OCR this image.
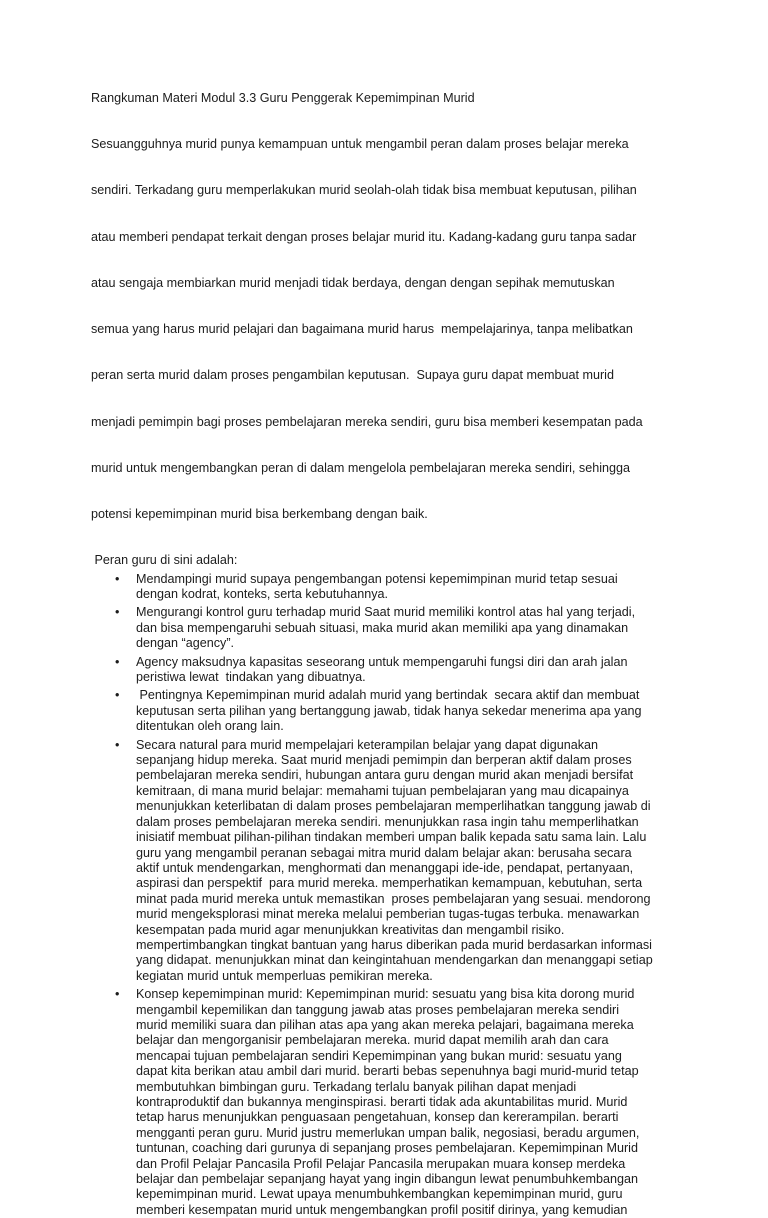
Rangkuman Materi Modul 3.3 Guru Penggerak Kepemimpinan Murid

Sesuangguhnya murid punya kemampuan untuk mengambil peran dalam proses belajar mereka

sendiri. Terkadang guru memperlakukan murid seolah-olah tidak bisa membuat keputusan, pilihan

atau memberi pendapat terkait dengan proses belajar murid itu. Kadang-kadang guru tanpa sadar

atau sengaja membiarkan murid menjadi tidak berdaya, dengan dengan sepihak memutuskan

semua yang harus murid pelajari dan bagaimana murid harus  mempelajarinya, tanpa melibatkan

peran serta murid dalam proses pengambilan keputusan.  Supaya guru dapat membuat murid

menjadi pemimpin bagi proses pembelajaran mereka sendiri, guru bisa memberi kesempatan pada

murid untuk mengembangkan peran di dalam mengelola pembelajaran mereka sendiri, sehingga

potensi kepemimpinan murid bisa berkembang dengan baik.

Peran guru di sini adalah:

• Mendampingi murid supaya pengembangan potensi kepemimpinan murid tetap sesuai
dengan kodrat, konteks, serta kebutuhannya.
• Mengurangi kontrol guru terhadap murid Saat murid memiliki kontrol atas hal yang terjadi,
dan bisa mempengaruhi sebuah situasi, maka murid akan memiliki apa yang dinamakan
dengan “agency”.
• Agency maksudnya kapasitas seseorang untuk mempengaruhi fungsi diri dan arah jalan
peristiwa lewat  tindakan yang dibuatnya.
•  Pentingnya Kepemimpinan murid adalah murid yang bertindak  secara aktif dan membuat
keputusan serta pilihan yang bertanggung jawab, tidak hanya sekedar menerima apa yang
ditentukan oleh orang lain.
• Secara natural para murid mempelajari keterampilan belajar yang dapat digunakan
sepanjang hidup mereka. Saat murid menjadi pemimpin dan berperan aktif dalam proses
pembelajaran mereka sendiri, hubungan antara guru dengan murid akan menjadi bersifat
kemitraan, di mana murid belajar: memahami tujuan pembelajaran yang mau dicapainya
menunjukkan keterlibatan di dalam proses pembelajaran memperlihatkan tanggung jawab di
dalam proses pembelajaran mereka sendiri. menunjukkan rasa ingin tahu memperlihatkan
inisiatif membuat pilihan-pilihan tindakan memberi umpan balik kepada satu sama lain. Lalu
guru yang mengambil peranan sebagai mitra murid dalam belajar akan: berusaha secara
aktif untuk mendengarkan, menghormati dan menanggapi ide-ide, pendapat, pertanyaan,
aspirasi dan perspektif  para murid mereka. memperhatikan kemampuan, kebutuhan, serta
minat pada murid mereka untuk memastikan  proses pembelajaran yang sesuai. mendorong
murid mengeksplorasi minat mereka melalui pemberian tugas-tugas terbuka. menawarkan
kesempatan pada murid agar menunjukkan kreativitas dan mengambil risiko.
mempertimbangkan tingkat bantuan yang harus diberikan pada murid berdasarkan informasi
yang didapat. menunjukkan minat dan keingintahuan mendengarkan dan menanggapi setiap
kegiatan murid untuk memperluas pemikiran mereka.
• Konsep kepemimpinan murid: Kepemimpinan murid: sesuatu yang bisa kita dorong murid
mengambil kepemilikan dan tanggung jawab atas proses pembelajaran mereka sendiri
murid memiliki suara dan pilihan atas apa yang akan mereka pelajari, bagaimana mereka
belajar dan mengorganisir pembelajaran mereka. murid dapat memilih arah dan cara
mencapai tujuan pembelajaran sendiri Kepemimpinan yang bukan murid: sesuatu yang
dapat kita berikan atau ambil dari murid. berarti bebas sepenuhnya bagi murid-murid tetap
membutuhkan bimbingan guru. Terkadang terlalu banyak pilihan dapat menjadi
kontraproduktif dan bukannya menginspirasi. berarti tidak ada akuntabilitas murid. Murid
tetap harus menunjukkan penguasaan pengetahuan, konsep dan kererampilan. berarti
mengganti peran guru. Murid justru memerlukan umpan balik, negosiasi, beradu argumen,
tuntunan, coaching dari gurunya di sepanjang proses pembelajaran. Kepemimpinan Murid
dan Profil Pelajar Pancasila Profil Pelajar Pancasila merupakan muara konsep merdeka
belajar dan pembelajar sepanjang hayat yang ingin dibangun lewat penumbuhkembangan
kepemimpinan murid. Lewat upaya menumbuhkembangkan kepemimpinan murid, guru
memberi kesempatan murid untuk mengembangkan profil positif dirinya, yang kemudian
